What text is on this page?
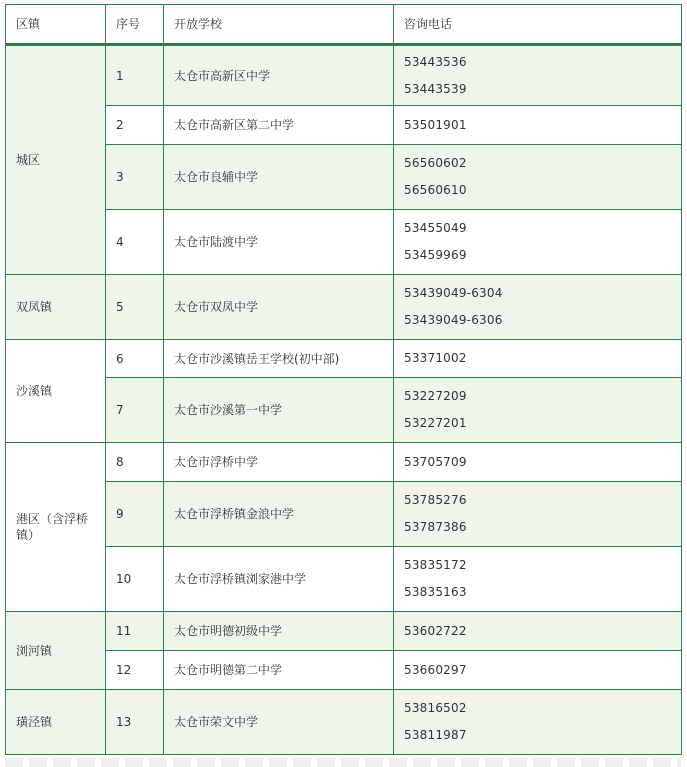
区镇	序号	开放学校	咨询电话
城区	1	太仓市高新区中学	53443536
53443539

	2	太仓市高新区第二中学	53501901

	3	太仓市良辅中学	56560602
56560610

	4	太仓市陆渡中学	53455049
53459969

双凤镇	5	太仓市双凤中学	53439049-6304
53439049-6306

沙溪镇	6	太仓市沙溪镇岳王学校(初中部)	53371002

	7	太仓市沙溪第一中学	53227209
53227201

港区（含浮桥镇）	8	太仓市浮桥中学	53705709

	9	太仓市浮桥镇金浪中学	53785276
53787386

	10	太仓市浮桥镇浏家港中学	53835172
53835163

浏河镇	11	太仓市明德初级中学	53602722

	12	太仓市明德第二中学	53660297

璜泾镇	13	太仓市荣文中学	53816502
53811987
